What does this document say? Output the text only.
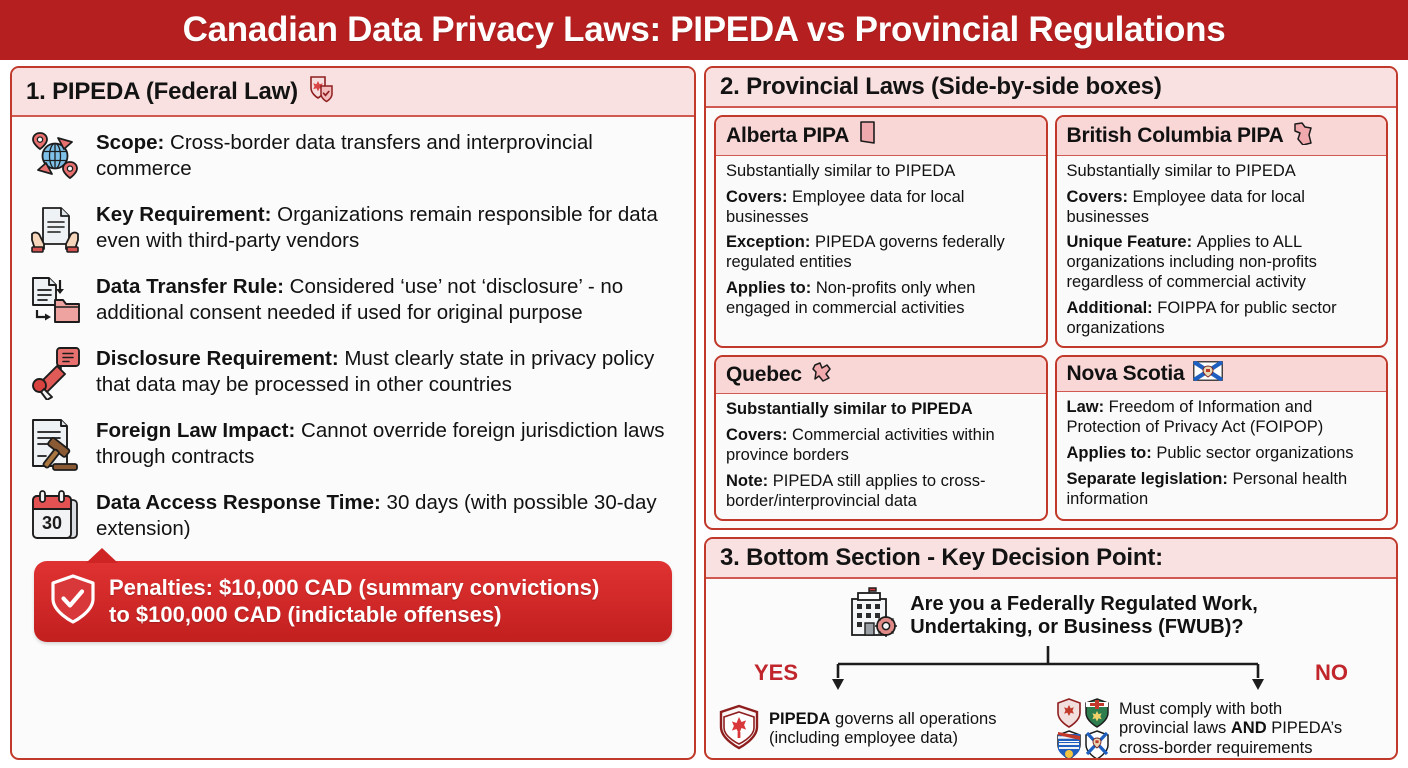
Canadian Data Privacy Laws: PIPEDA vs Provincial Regulations
1. PIPEDA (Federal Law)
Scope: Cross-border data transfers and interprovincial commerce
Key Requirement: Organizations remain responsible for data even with third-party vendors
Data Transfer Rule: Considered ‘use’ not ‘disclosure’ - no additional consent needed if used for original purpose
Disclosure Requirement: Must clearly state in privacy policy that data may be processed in other countries
Foreign Law Impact: Cannot override foreign jurisdiction laws through contracts
30
Data Access Response Time: 30 days (with possible 30-day extension)
Penalties: $10,000 CAD (summary convictions)
to $100,000 CAD (indictable offenses)
2. Provincial Laws (Side-by-side boxes)
Alberta PIPA
Substantially similar to PIPEDA
Covers: Employee data for local businesses
Exception: PIPEDA governs federally regulated entities
Applies to: Non-profits only when engaged in commercial activities
British Columbia PIPA
Substantially similar to PIPEDA
Covers: Employee data for local businesses
Unique Feature: Applies to ALL organizations including non-profits regardless of commercial activity
Additional: FOIPPA for public sector organizations
Quebec
Substantially similar to PIPEDA
Covers: Commercial activities within province borders
Note: PIPEDA still applies to cross-border/interprovincial data
Nova Scotia
Law: Freedom of Information and Protection of Privacy Act (FOIPOP)
Applies to: Public sector organizations
Separate legislation: Personal health information
3. Bottom Section - Key Decision Point:
Are you a Federally Regulated Work,
Undertaking, or Business (FWUB)?
YES	NO
PIPEDA governs all operations
(including employee data)
Must comply with both
provincial laws AND PIPEDA’s
cross-border requirements
